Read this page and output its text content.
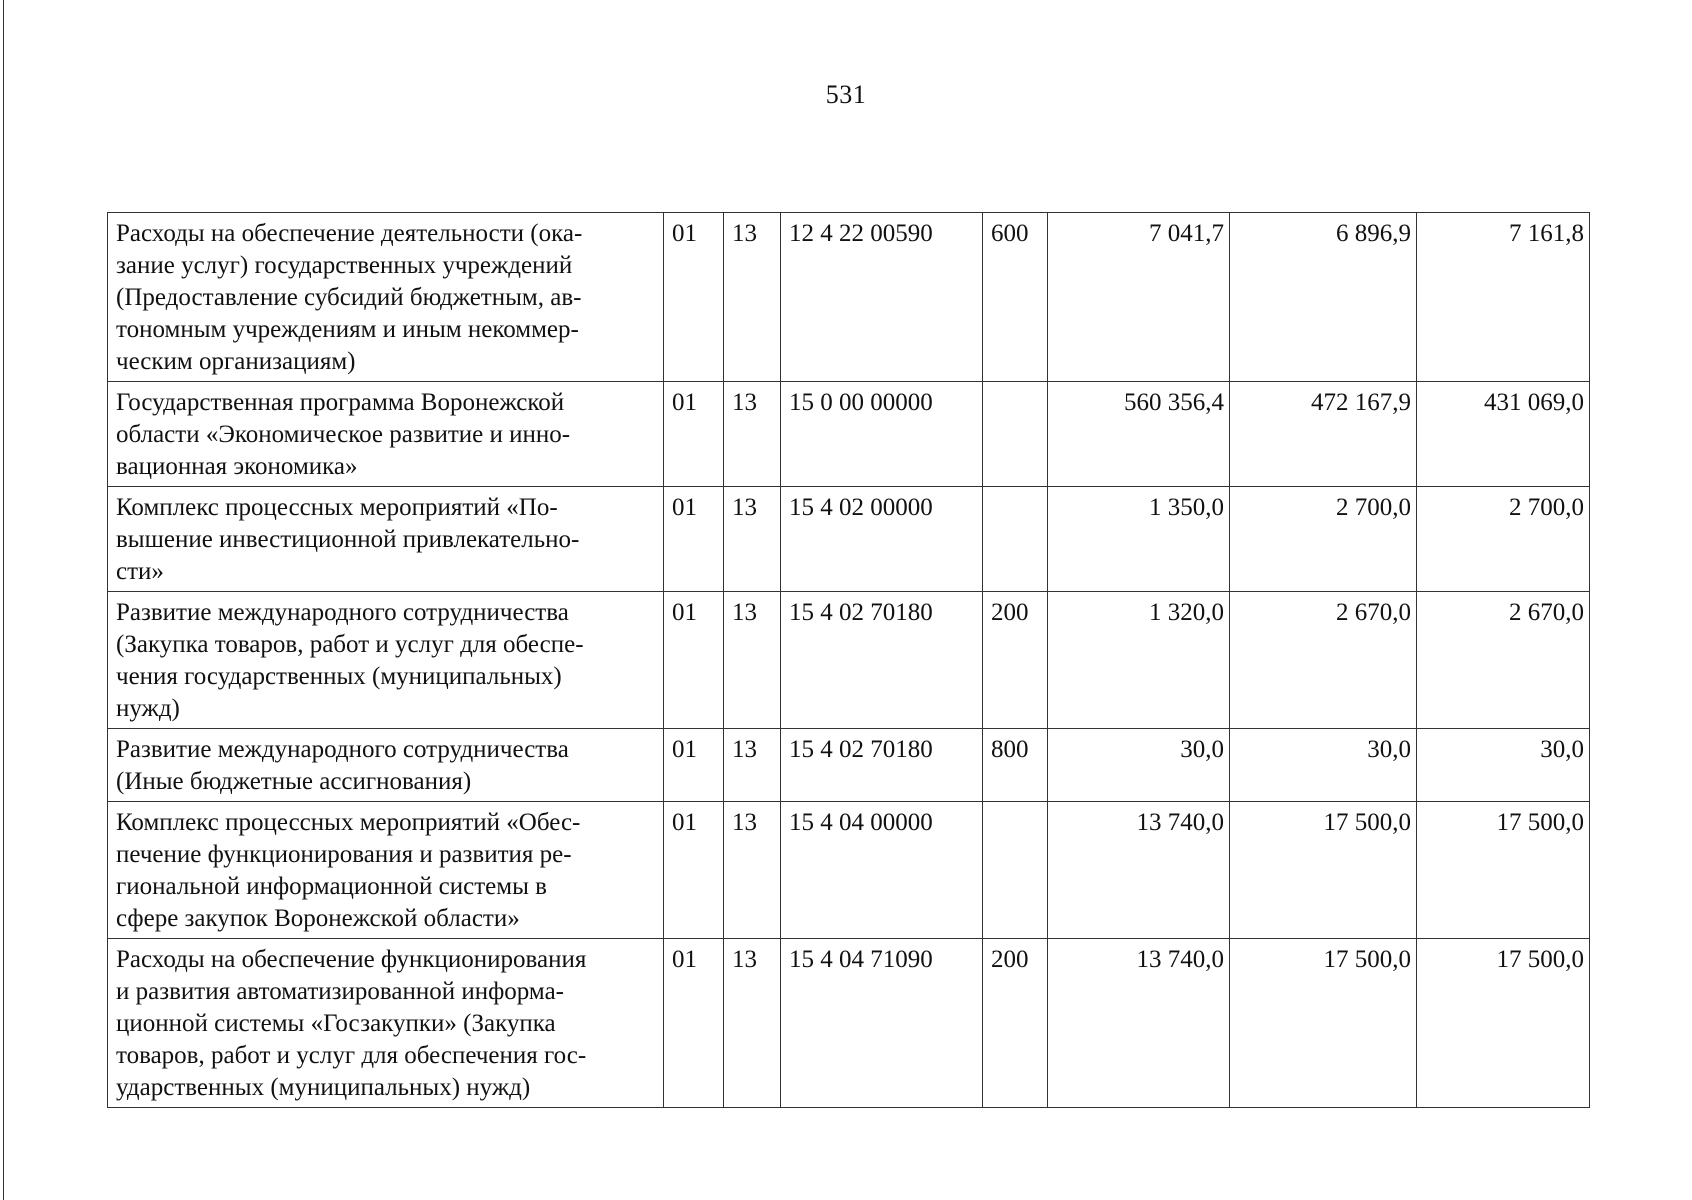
531
Расходы на обеспечение деятельности (ока-
зание услуг) государственных учреждений
(Предоставление субсидий бюджетным, ав-
тономным учреждениям и иным некоммер-
ческим организациям)	01	13	12 4 22 00590	600	7 041,7	6 896,9	7 161,8
Государственная программа Воронежской
области «Экономическое развитие и инно-
вационная экономика»	01	13	15 0 00 00000		560 356,4	472 167,9	431 069,0
Комплекс процессных мероприятий «По-
вышение инвестиционной привлекательно-
сти»	01	13	15 4 02 00000		1 350,0	2 700,0	2 700,0
Развитие международного сотрудничества
(Закупка товаров, работ и услуг для обеспе-
чения государственных (муниципальных)
нужд)	01	13	15 4 02 70180	200	1 320,0	2 670,0	2 670,0
Развитие международного сотрудничества
(Иные бюджетные ассигнования)	01	13	15 4 02 70180	800	30,0	30,0	30,0
Комплекс процессных мероприятий «Обес-
печение функционирования и развития ре-
гиональной информационной системы в
сфере закупок Воронежской области»	01	13	15 4 04 00000		13 740,0	17 500,0	17 500,0
Расходы на обеспечение функционирования
и развития автоматизированной информа-
ционной системы «Госзакупки» (Закупка
товаров, работ и услуг для обеспечения гос-
ударственных (муниципальных) нужд)	01	13	15 4 04 71090	200	13 740,0	17 500,0	17 500,0
